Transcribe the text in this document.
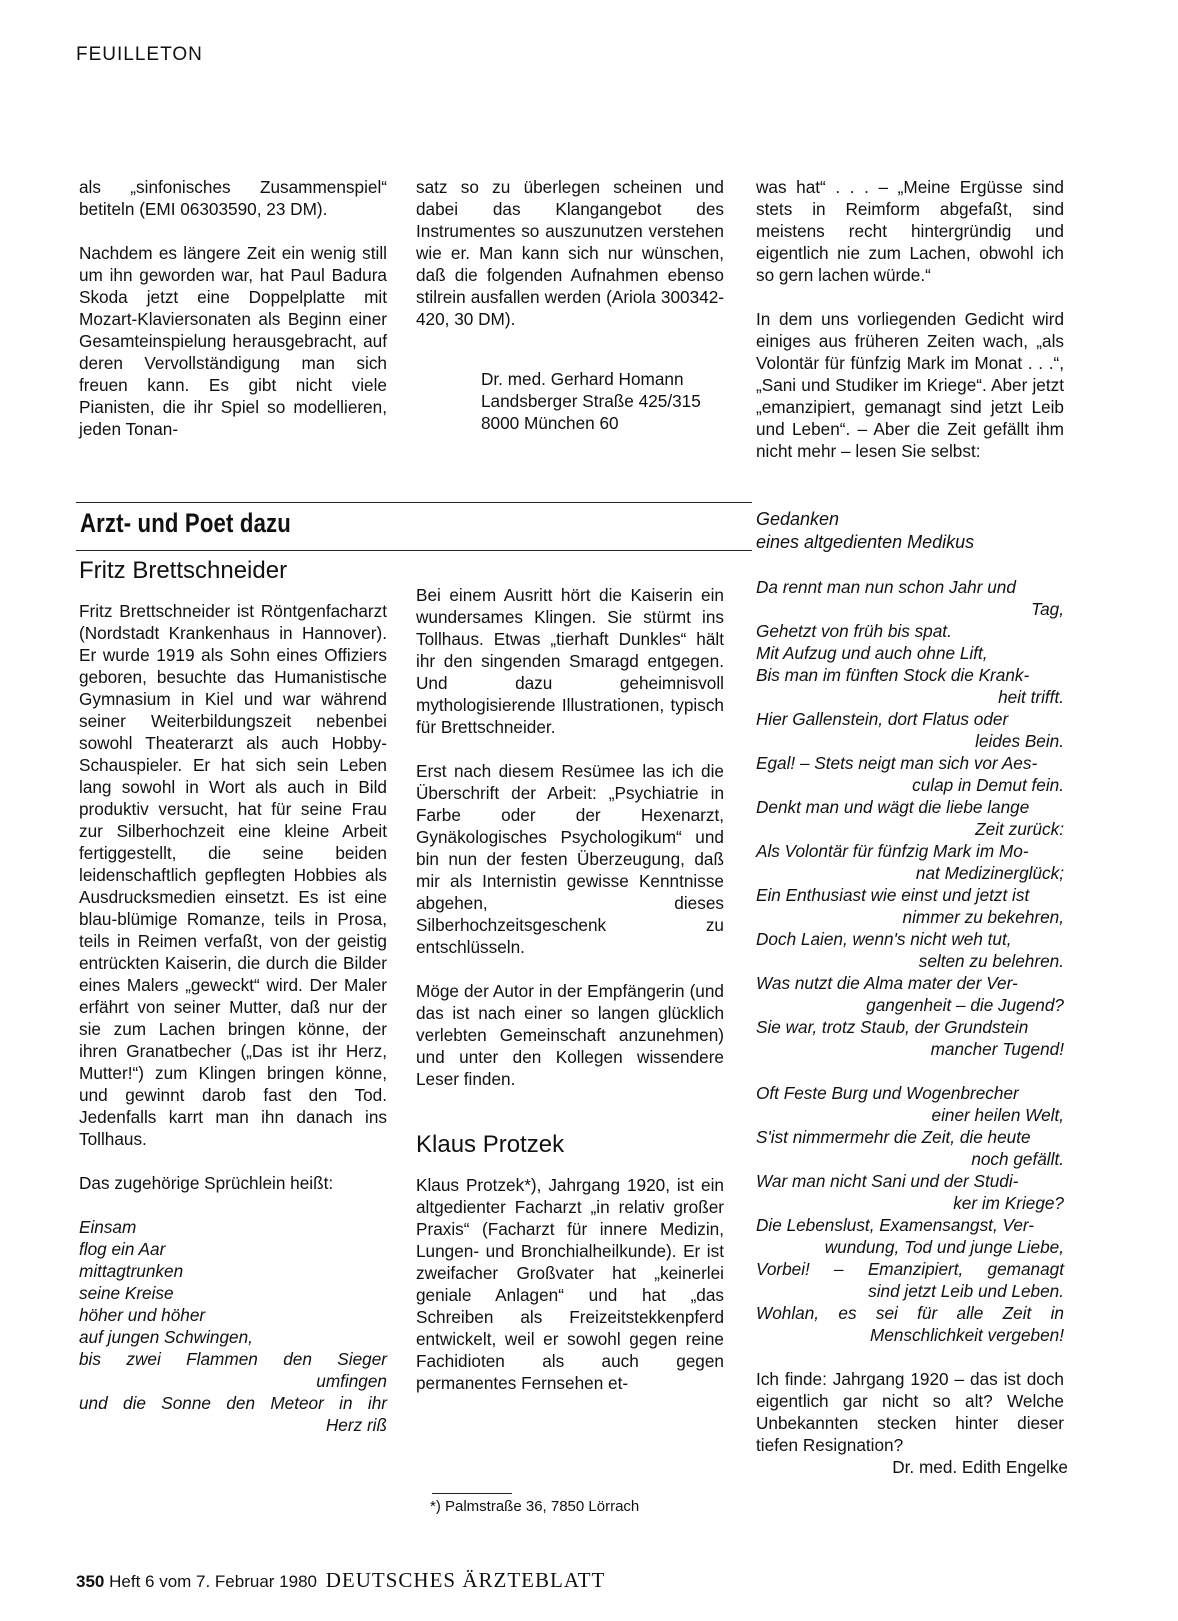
FEUILLETON

als „sinfonisches Zusammenspiel“ betiteln (EMI 06303590, 23 DM).

Nachdem es längere Zeit ein wenig still um ihn geworden war, hat Paul Badura Skoda jetzt eine Doppelplatte mit Mozart-Klaviersonaten als Beginn einer Gesamteinspielung herausgebracht, auf deren Vervollständigung man sich freuen kann. Es gibt nicht viele Pianisten, die ihr Spiel so modellieren, jeden Tonan-

satz so zu überlegen scheinen und dabei das Klangangebot des Instrumentes so auszunutzen verstehen wie er. Man kann sich nur wünschen, daß die folgenden Aufnahmen ebenso stilrein ausfallen werden (Ariola 300342-420, 30 DM).

Dr. med. Gerhard Homann
Landsberger Straße 425/315
8000 München 60
Arzt- und Poet dazu
Fritz Brettschneider

Fritz Brettschneider ist Röntgenfacharzt (Nordstadt Krankenhaus in Hannover). Er wurde 1919 als Sohn eines Offiziers geboren, besuchte das Humanistische Gymnasium in Kiel und war während seiner Weiterbildungszeit nebenbei sowohl Theaterarzt als auch Hobby-Schauspieler. Er hat sich sein Leben lang sowohl in Wort als auch in Bild produktiv versucht, hat für seine Frau zur Silberhochzeit eine kleine Arbeit fertiggestellt, die seine beiden leidenschaftlich gepflegten Hobbies als Ausdrucksmedien einsetzt. Es ist eine blau-blümige Romanze, teils in Prosa, teils in Reimen verfaßt, von der geistig entrückten Kaiserin, die durch die Bilder eines Malers „geweckt“ wird. Der Maler erfährt von seiner Mutter, daß nur der sie zum Lachen bringen könne, der ihren Granatbecher („Das ist ihr Herz, Mutter!“) zum Klingen bringen könne, und gewinnt darob fast den Tod. Jedenfalls karrt man ihn danach ins Tollhaus.

Das zugehörige Sprüchlein heißt:

Einsam
flog ein Aar
mittagtrunken
seine Kreise
höher und höher
auf jungen Schwingen,
bis zwei Flammen den Sieger
umfingen
und die Sonne den Meteor in ihr
Herz riß

Bei einem Ausritt hört die Kaiserin ein wundersames Klingen. Sie stürmt ins Tollhaus. Etwas „tierhaft Dunkles“ hält ihr den singenden Smaragd entgegen. Und dazu geheimnisvoll mythologisierende Illustrationen, typisch für Brettschneider.

Erst nach diesem Resümee las ich die Überschrift der Arbeit: „Psychiatrie in Farbe oder der Hexenarzt, Gynäkologisches Psychologikum“ und bin nun der festen Überzeugung, daß mir als Internistin gewisse Kenntnisse abgehen, dieses Silberhochzeitsgeschenk zu entschlüsseln.

Möge der Autor in der Empfängerin (und das ist nach einer so langen glücklich verlebten Gemeinschaft anzunehmen) und unter den Kollegen wissendere Leser finden.

Klaus Protzek

Klaus Protzek*), Jahrgang 1920, ist ein altgedienter Facharzt „in relativ großer Praxis“ (Facharzt für innere Medizin, Lungen- und Bronchialheilkunde). Er ist zweifacher Großvater hat „keinerlei geniale Anlagen“ und hat „das Schreiben als Freizeitstekkenpferd entwickelt, weil er sowohl gegen reine Fachidioten als auch gegen permanentes Fernsehen et-

*) Palmstraße 36, 7850 Lörrach

was hat“ . . . – „Meine Ergüsse sind stets in Reimform abgefaßt, sind meistens recht hintergründig und eigentlich nie zum Lachen, obwohl ich so gern lachen würde.“

In dem uns vorliegenden Gedicht wird einiges aus früheren Zeiten wach, „als Volontär für fünfzig Mark im Monat . . .“, „Sani und Studiker im Kriege“. Aber jetzt „emanzipiert, gemanagt sind jetzt Leib und Leben“. – Aber die Zeit gefällt ihm nicht mehr – lesen Sie selbst:

Gedanken
eines altgedienten Medikus
Da rennt man nun schon Jahr und
Tag,
Gehetzt von früh bis spat.
Mit Aufzug und auch ohne Lift,
Bis man im fünften Stock die Krank-
heit trifft.
Hier Gallenstein, dort Flatus oder
leides Bein.
Egal! – Stets neigt man sich vor Aes-
culap in Demut fein.
Denkt man und wägt die liebe lange
Zeit zurück:
Als Volontär für fünfzig Mark im Mo-
nat Medizinerglück;
Ein Enthusiast wie einst und jetzt ist
nimmer zu bekehren,
Doch Laien, wenn's nicht weh tut,
selten zu belehren.
Was nutzt die Alma mater der Ver-
gangenheit – die Jugend?
Sie war, trotz Staub, der Grundstein
mancher Tugend!
Oft Feste Burg und Wogenbrecher
einer heilen Welt,
S'ist nimmermehr die Zeit, die heute
noch gefällt.
War man nicht Sani und der Studi-
ker im Kriege?
Die Lebenslust, Examensangst, Ver-
wundung, Tod und junge Liebe,
Vorbei! – Emanzipiert, gemanagt
sind jetzt Leib und Leben.
Wohlan, es sei für alle Zeit in
Menschlichkeit vergeben!

Ich finde: Jahrgang 1920 – das ist doch eigentlich gar nicht so alt? Welche Unbekannten stecken hinter dieser tiefen Resignation?

Dr. med. Edith Engelke
350 Heft 6 vom 7. Februar 1980 DEUTSCHES ÄRZTEBLATT
